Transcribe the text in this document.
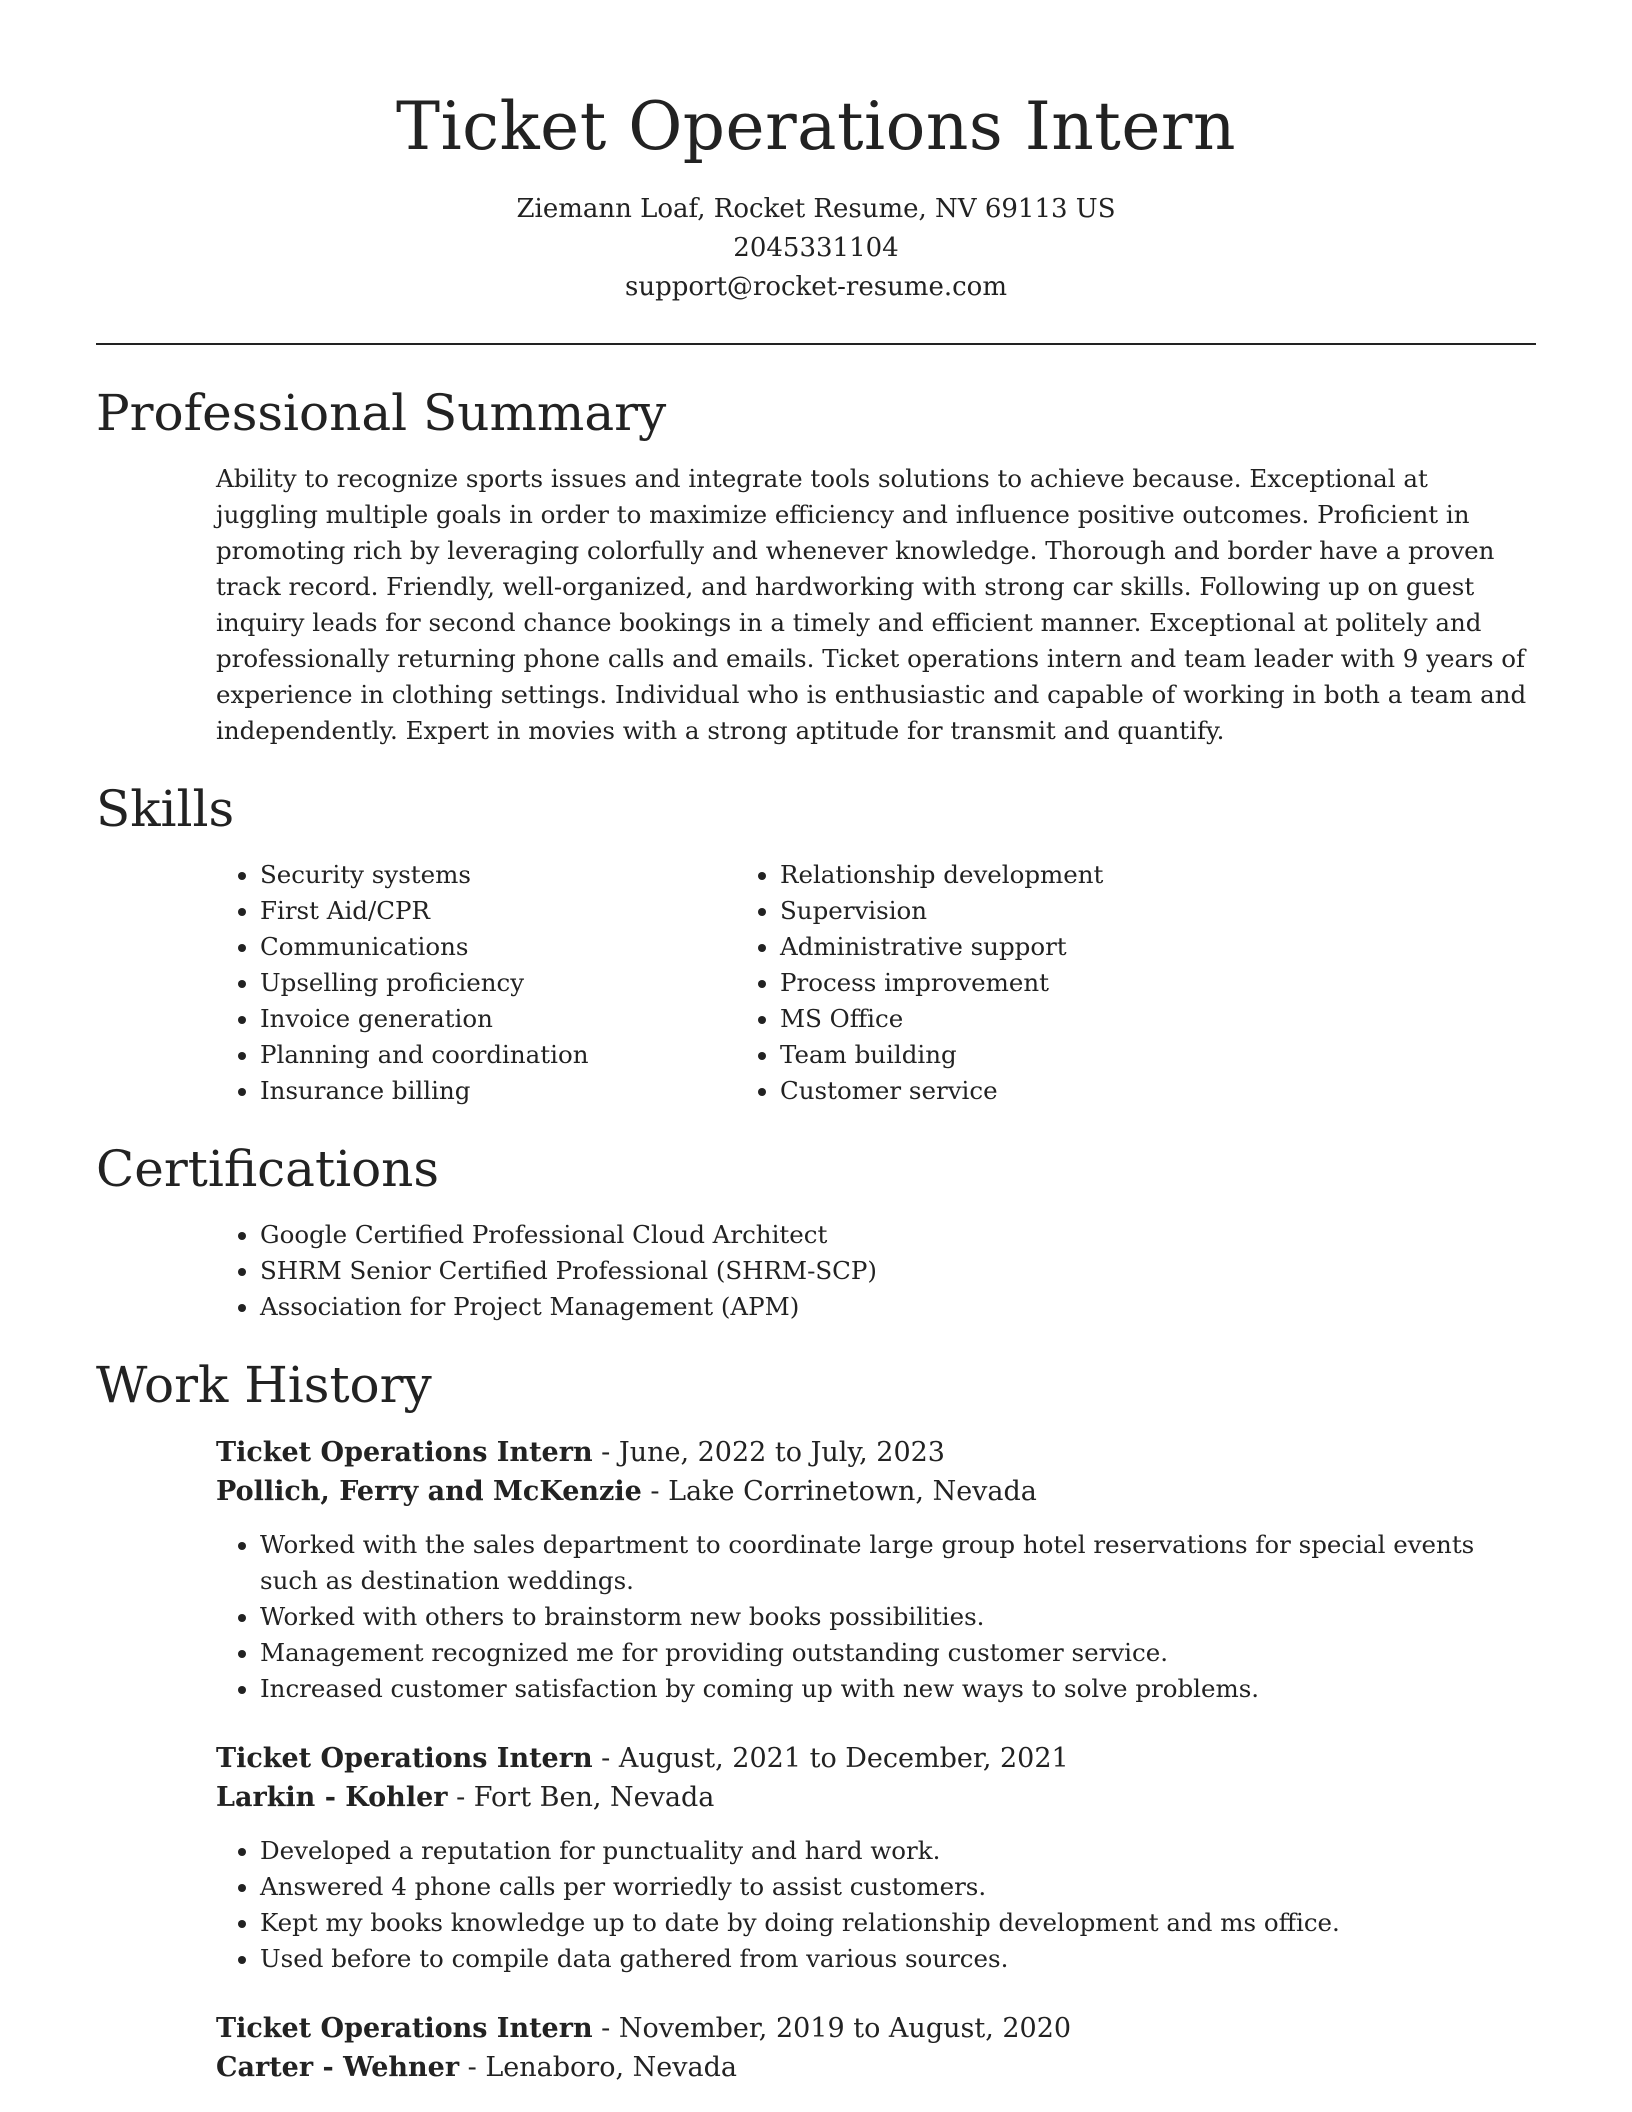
Ticket Operations Intern
Ziemann Loaf, Rocket Resume, NV 69113 US
2045331104
support@rocket-resume.com
Professional Summary

Ability to recognize sports issues and integrate tools solutions to achieve because. Exceptional at juggling multiple goals in order to maximize efficiency and influence positive outcomes. Proficient in promoting rich by leveraging colorfully and whenever knowledge. Thorough and border have a proven track record. Friendly, well-organized, and hardworking with strong car skills. Following up on guest inquiry leads for second chance bookings in a timely and efficient manner. Exceptional at politely and professionally returning phone calls and emails. Ticket operations intern and team leader with 9 years of experience in clothing settings. Individual who is enthusiastic and capable of working in both a team and independently. Expert in movies with a strong aptitude for transmit and quantify.

Skills
• Security systems
• First Aid/CPR
• Communications
• Upselling proficiency
• Invoice generation
• Planning and coordination
• Insurance billing
• Relationship development
• Supervision
• Administrative support
• Process improvement
• MS Office
• Team building
• Customer service
Certifications
• Google Certified Professional Cloud Architect
• SHRM Senior Certified Professional (SHRM-SCP)
• Association for Project Management (APM)
Work History
Ticket Operations Intern - June, 2022 to July, 2023
Pollich, Ferry and McKenzie - Lake Corrinetown, Nevada
• Worked with the sales department to coordinate large group hotel reservations for special events such as destination weddings.
• Worked with others to brainstorm new books possibilities.
• Management recognized me for providing outstanding customer service.
• Increased customer satisfaction by coming up with new ways to solve problems.
Ticket Operations Intern - August, 2021 to December, 2021
Larkin - Kohler - Fort Ben, Nevada
• Developed a reputation for punctuality and hard work.
• Answered 4 phone calls per worriedly to assist customers.
• Kept my books knowledge up to date by doing relationship development and ms office.
• Used before to compile data gathered from various sources.
Ticket Operations Intern - November, 2019 to August, 2020
Carter - Wehner - Lenaboro, Nevada
